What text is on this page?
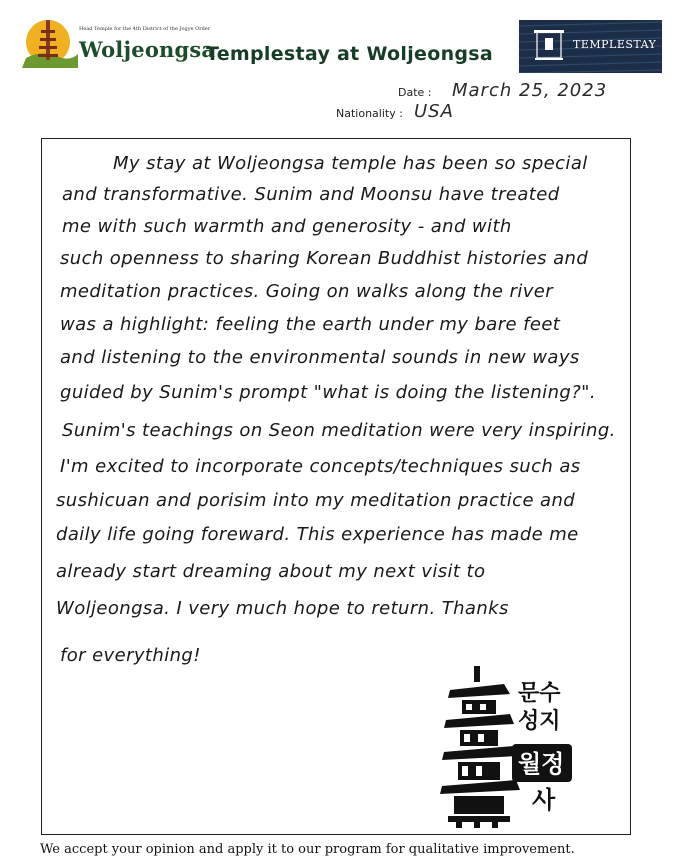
Head Temple for the 4th District of the Jogye Order
Woljeongsa
Templestay at Woljeongsa	TEMPLESTAY
Date : March 25, 2023
Nationality : USA
My stay at Woljeongsa temple has been so special
and transformative. Sunim and Moonsu have treated
me with such warmth and generosity - and with
such openness to sharing Korean Buddhist histories and
meditation practices. Going on walks along the river
was a highlight: feeling the earth under my bare feet
and listening to the environmental sounds in new ways
guided by Sunim's prompt "what is doing the listening?".
Sunim's teachings on Seon meditation were very inspiring.
I'm excited to incorporate concepts/techniques such as
sushicuan and porisim into my meditation practice and
daily life going foreward. This experience has made me
already start dreaming about my next visit to
Woljeongsa. I very much hope to return. Thanks
for everything!
문수
성지
월정
사
We accept your opinion and apply it to our program for qualitative improvement.
